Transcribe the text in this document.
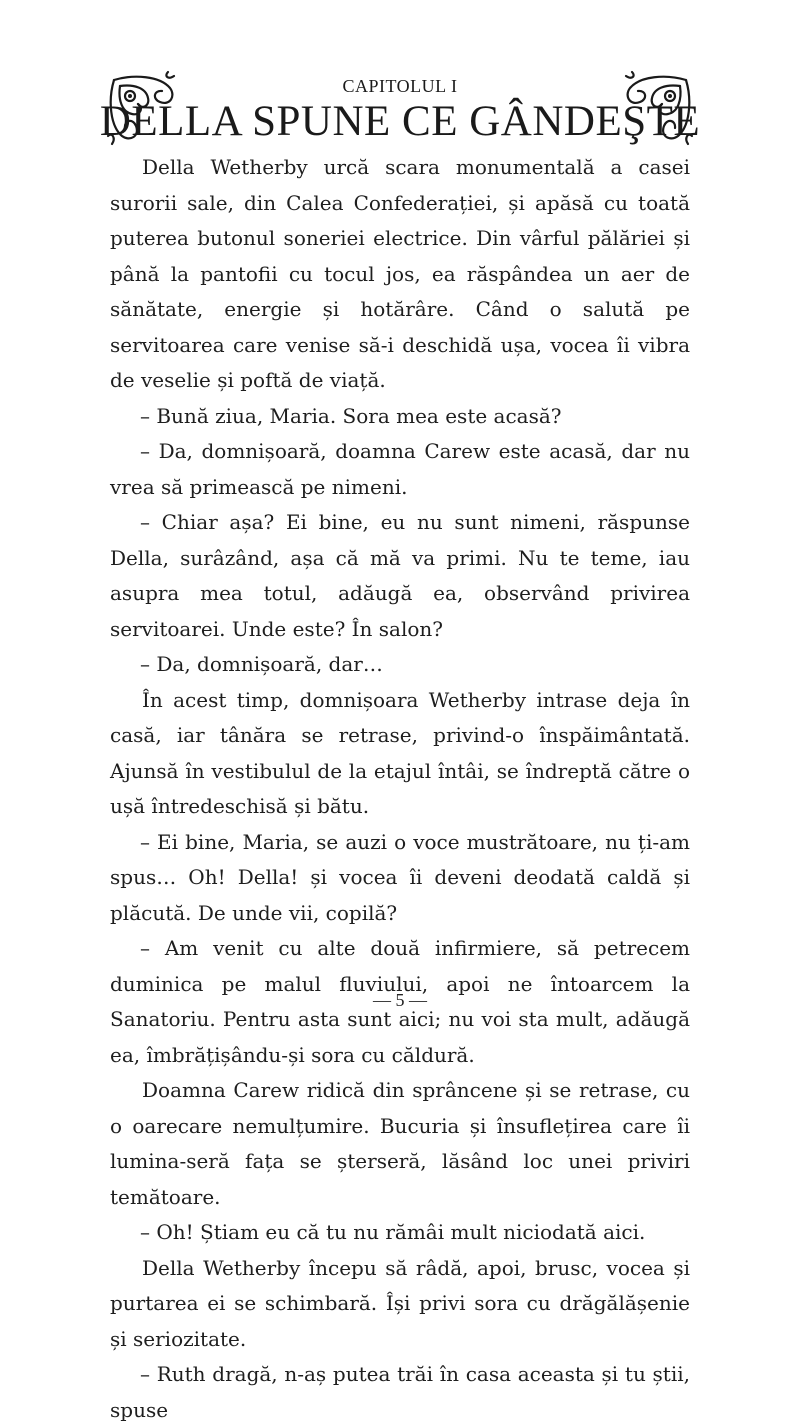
CAPITOLUL I
DELLA SPUNE CE GÂNDEŞTE

Della Wetherby urcă scara monumentală a casei surorii sale, din Calea Confederației, și apăsă cu toată puterea butonul soneriei electrice. Din vârful pălăriei și până la pantofii cu tocul jos, ea răspândea un aer de sănătate, energie și hotărâre. Când o salută pe servitoarea care venise să-i deschidă ușa, vocea îi vibra de veselie și poftă de viață.

– Bună ziua, Maria. Sora mea este acasă?

– Da, domnișoară, doamna Carew este acasă, dar nu vrea să primească pe nimeni.

– Chiar așa? Ei bine, eu nu sunt nimeni, răspunse Della, surâzând, așa că mă va primi. Nu te teme, iau asupra mea totul, adăugă ea, observând privirea servitoarei. Unde este? În salon?

– Da, domnișoară, dar…

În acest timp, domnișoara Wetherby intrase deja în casă, iar tânăra se retrase, privind-o înspăimântată. Ajunsă în vestibulul de la etajul întâi, se îndreptă către o ușă întredeschisă și bătu.

– Ei bine, Maria, se auzi o voce mustrătoare, nu ți-am spus… Oh! Della! și vocea îi deveni deodată caldă și plăcută. De unde vii, copilă?

– Am venit cu alte două infirmiere, să petrecem duminica pe malul fluviului, apoi ne întoarcem la Sanatoriu. Pentru asta sunt aici; nu voi sta mult, adăugă ea, îmbrățișându-și sora cu căldură.

Doamna Carew ridică din sprâncene și se retrase, cu o oarecare nemulțumire. Bucuria și însuflețirea care îi lumina-seră fața se șterseră, lăsând loc unei priviri temătoare.

– Oh! Știam eu că tu nu rămâi mult niciodată aici.

Della Wetherby începu să râdă, apoi, brusc, vocea și purtarea ei se schimbară. Își privi sora cu drăgălășenie și seriozitate.

– Ruth dragă, n-aș putea trăi în casa aceasta și tu știi, spuse

— 5 —
